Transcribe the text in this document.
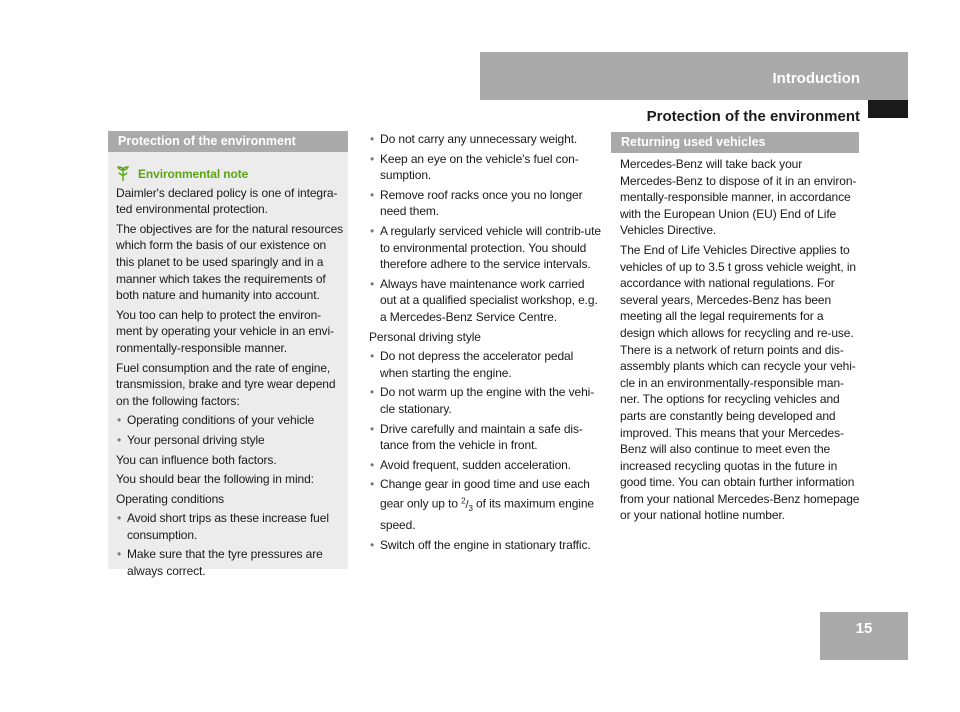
Introduction
Protection of the environment
Protection of the environment
Environmental note
Daimler's declared policy is one of integra-ted environmental protection.
The objectives are for the natural resources which form the basis of our existence on this planet to be used sparingly and in a manner which takes the requirements of both nature and humanity into account.
You too can help to protect the environ-ment by operating your vehicle in an envi-ronmentally-responsible manner.
Fuel consumption and the rate of engine, transmission, brake and tyre wear depend on the following factors:
• Operating conditions of your vehicle
• Your personal driving style
You can influence both factors.
You should bear the following in mind:
Operating conditions
• Avoid short trips as these increase fuel consumption.
• Make sure that the tyre pressures are always correct.
• Do not carry any unnecessary weight.
• Keep an eye on the vehicle's fuel con-sumption.
• Remove roof racks once you no longer need them.
• A regularly serviced vehicle will contrib-ute to environmental protection. You should therefore adhere to the service intervals.
• Always have maintenance work carried out at a qualified specialist workshop, e.g. a Mercedes-Benz Service Centre.
Personal driving style
• Do not depress the accelerator pedal when starting the engine.
• Do not warm up the engine with the vehi-cle stationary.
• Drive carefully and maintain a safe dis-tance from the vehicle in front.
• Avoid frequent, sudden acceleration.
• Change gear in good time and use each gear only up to $^2/_3$ of its maximum engine speed.
• Switch off the engine in stationary traffic.
Returning used vehicles
Mercedes-Benz will take back your Mercedes-Benz to dispose of it in an environ-mentally-responsible manner, in accordance with the European Union (EU) End of Life Vehicles Directive.
The End of Life Vehicles Directive applies to vehicles of up to 3.5 t gross vehicle weight, in accordance with national regulations. For several years, Mercedes-Benz has been meeting all the legal requirements for a design which allows for recycling and re-use. There is a network of return points and dis-assembly plants which can recycle your vehi-cle in an environmentally-responsible man-ner. The options for recycling vehicles and parts are constantly being developed and improved. This means that your Mercedes-Benz will also continue to meet even the increased recycling quotas in the future in good time. You can obtain further information from your national Mercedes-Benz homepage or your national hotline number.
15
